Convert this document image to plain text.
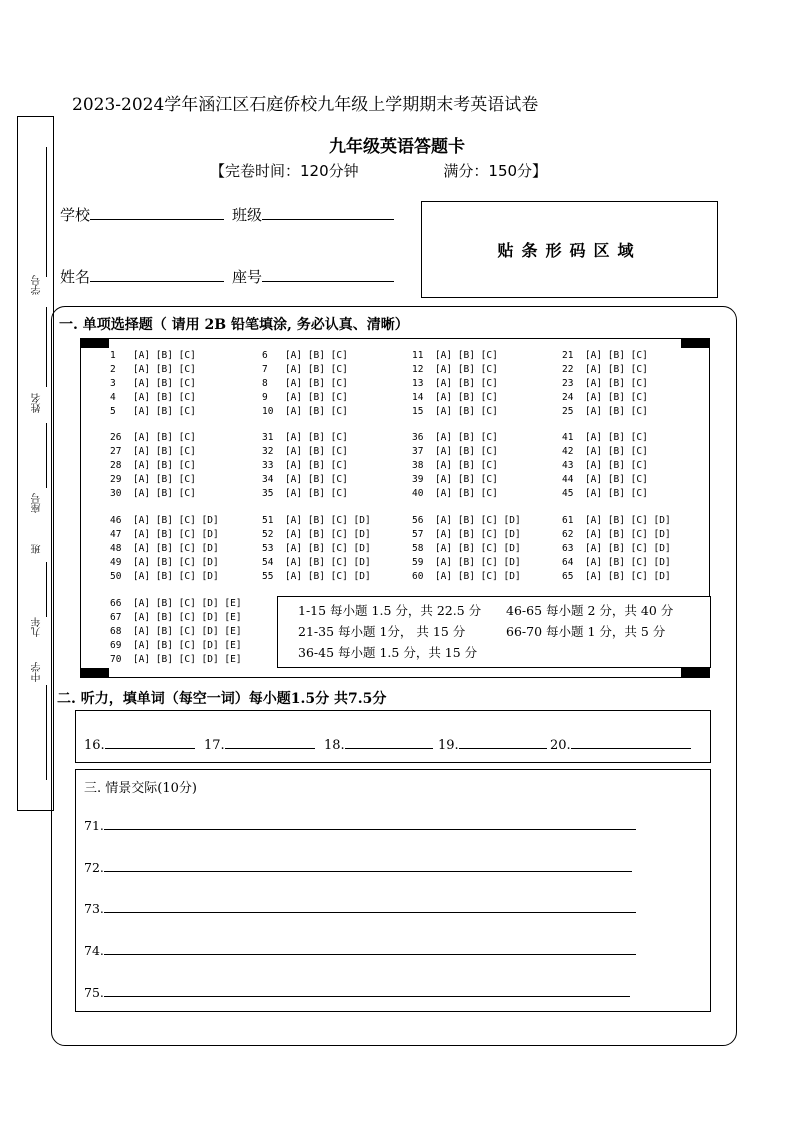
2023-2024学年涵江区石庭侨校九年级上学期期末考英语试卷
九年级英语答题卡
【完卷时间：120分钟	满分：150分】
学号
姓名
座号
班
九年
中学
学校	班级
姓名	座号
贴条形码区域
一. 单项选择题（ 请用 2B 铅笔填涂, 务必认真、清晰）
1   [A] [B] [C]	6   [A] [B] [C]	11  [A] [B] [C]	21  [A] [B] [C]
2   [A] [B] [C]	7   [A] [B] [C]	12  [A] [B] [C]	22  [A] [B] [C]
3   [A] [B] [C]	8   [A] [B] [C]	13  [A] [B] [C]	23  [A] [B] [C]
4   [A] [B] [C]	9   [A] [B] [C]	14  [A] [B] [C]	24  [A] [B] [C]
5   [A] [B] [C]	10  [A] [B] [C]	15  [A] [B] [C]	25  [A] [B] [C]
26  [A] [B] [C]	31  [A] [B] [C]	36  [A] [B] [C]	41  [A] [B] [C]
27  [A] [B] [C]	32  [A] [B] [C]	37  [A] [B] [C]	42  [A] [B] [C]
28  [A] [B] [C]	33  [A] [B] [C]	38  [A] [B] [C]	43  [A] [B] [C]
29  [A] [B] [C]	34  [A] [B] [C]	39  [A] [B] [C]	44  [A] [B] [C]
30  [A] [B] [C]	35  [A] [B] [C]	40  [A] [B] [C]	45  [A] [B] [C]
46  [A] [B] [C] [D]	51  [A] [B] [C] [D]	56  [A] [B] [C] [D]	61  [A] [B] [C] [D]
47  [A] [B] [C] [D]	52  [A] [B] [C] [D]	57  [A] [B] [C] [D]	62  [A] [B] [C] [D]
48  [A] [B] [C] [D]	53  [A] [B] [C] [D]	58  [A] [B] [C] [D]	63  [A] [B] [C] [D]
49  [A] [B] [C] [D]	54  [A] [B] [C] [D]	59  [A] [B] [C] [D]	64  [A] [B] [C] [D]
50  [A] [B] [C] [D]	55  [A] [B] [C] [D]	60  [A] [B] [C] [D]	65  [A] [B] [C] [D]
66  [A] [B] [C] [D] [E]
67  [A] [B] [C] [D] [E]
68  [A] [B] [C] [D] [E]
69  [A] [B] [C] [D] [E]
70  [A] [B] [C] [D] [E]
1-15 每小题 1.5 分，共 22.5 分 46-65 每小题 2 分，共 40 分
21-35 每小题 1分， 共 15 分	66-70 每小题 1 分，共 5 分
36-45 每小题 1.5 分，共 15 分
二. 听力，填单词（每空一词）每小题1.5分 共7.5分
16.	17.	18.	19.	20.
三. 情景交际(10分)
71.
72.
73.
74.
75.
